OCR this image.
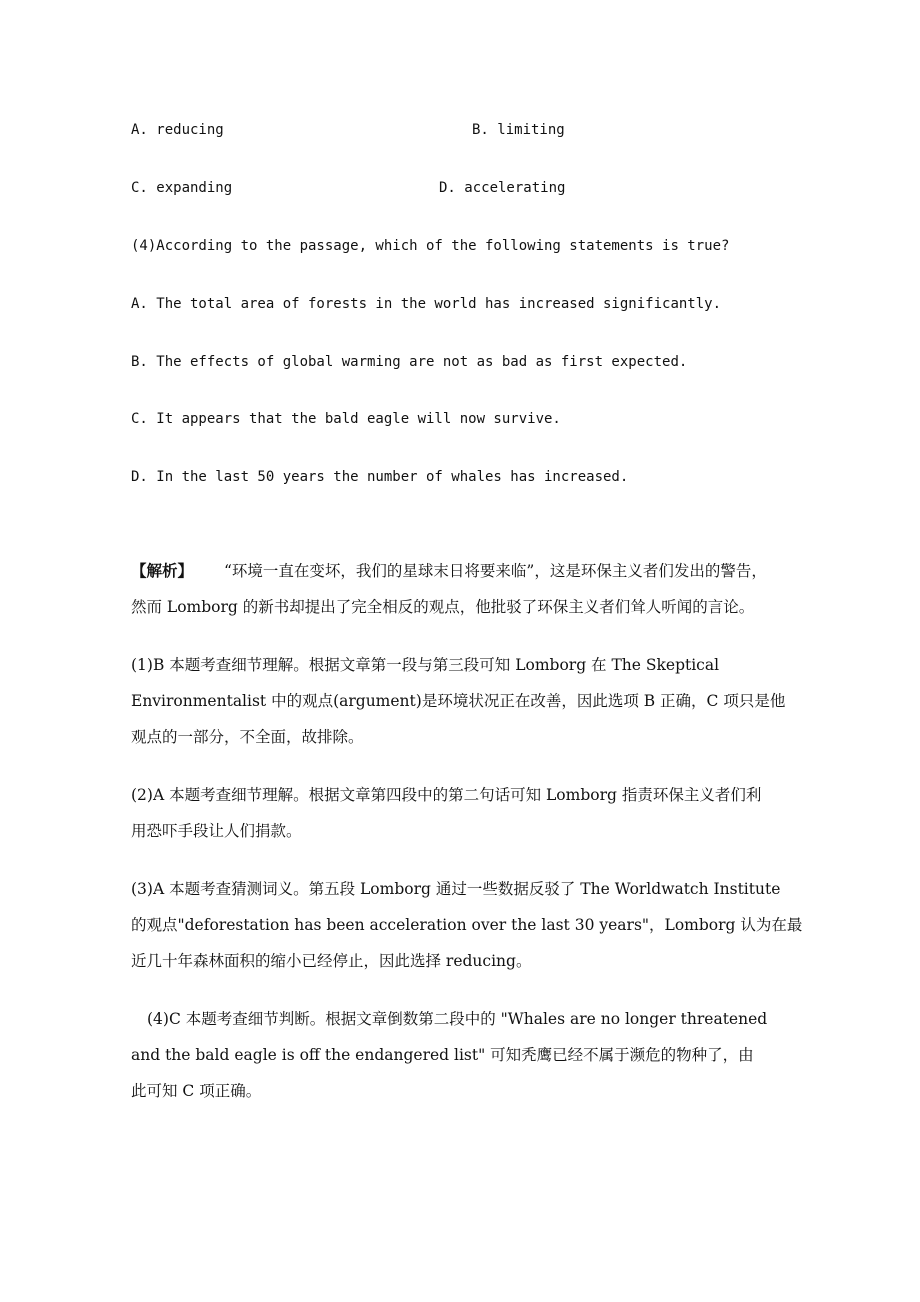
A. reducing	B. limiting
C. expanding	D. accelerating
(4)According to the passage, which of the following statements is true?
A. The total area of forests in the world has increased significantly.
B. The effects of global warming are not as bad as first expected.
C. It appears that the bald eagle will now survive.
D. In the last 50 years the number of whales has increased.
【解析】 “环境一直在变坏，我们的星球末日将要来临”，这是环保主义者们发出的警告，
然而 Lomborg 的新书却提出了完全相反的观点，他批驳了环保主义者们耸人听闻的言论。
(1)B 本题考查细节理解。根据文章第一段与第三段可知 Lomborg 在 The Skeptical
Environmentalist 中的观点(argument)是环境状况正在改善，因此选项 B 正确，C 项只是他
观点的一部分，不全面，故排除。
(2)A 本题考查细节理解。根据文章第四段中的第二句话可知 Lomborg 指责环保主义者们利
用恐吓手段让人们捐款。
(3)A 本题考查猜测词义。第五段 Lomborg 通过一些数据反驳了 The Worldwatch Institute
的观点"deforestation has been acceleration over the last 30 years"，Lomborg 认为在最
近几十年森林面积的缩小已经停止，因此选择 reducing。
(4)C 本题考查细节判断。根据文章倒数第二段中的 "Whales are no longer threatened
and the bald eagle is off the endangered list" 可知秃鹰已经不属于濒危的物种了，由
此可知 C 项正确。
